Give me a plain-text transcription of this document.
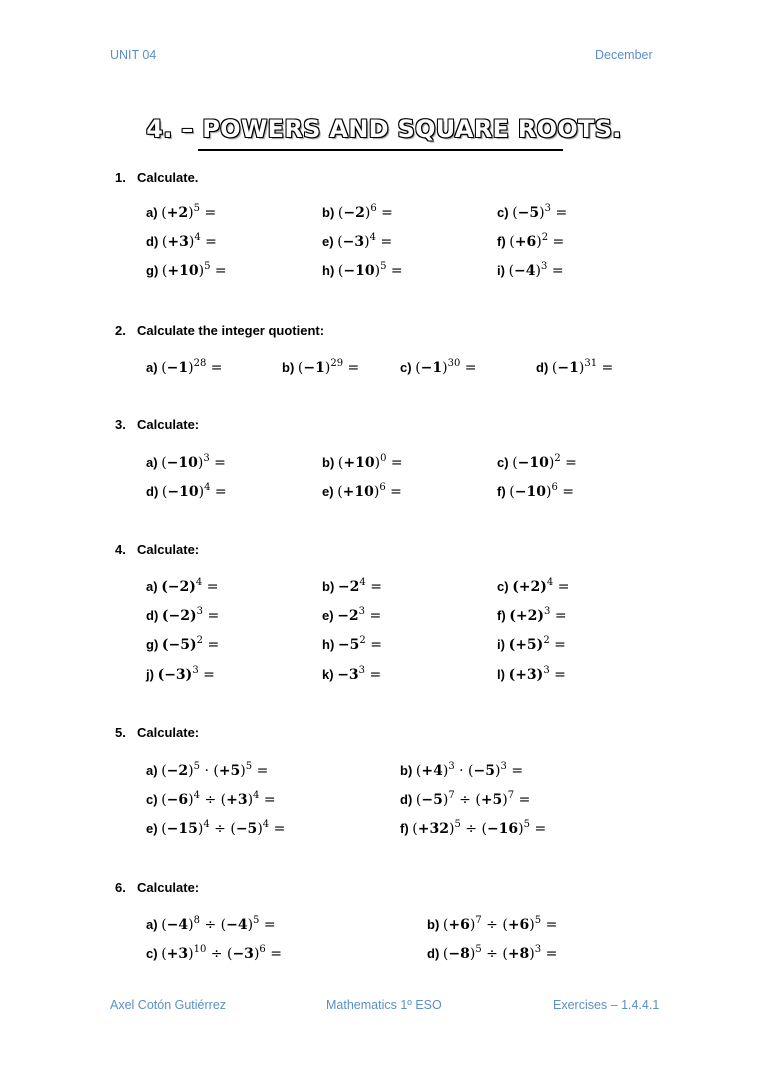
UNIT 04	December
4. – POWERS AND SQUARE ROOTS.
1. Calculate.
a) $(+2)^5$ =	b) $(-2)^6$ =	c) $(-5)^3$ =
d) $(+3)^4$ =	e) $(-3)^4$ =	f) $(+6)^2$ =
g) $(+10)^5$ =	h) $(-10)^5$ =	i) $(-4)^3$ =
2. Calculate the integer quotient:
a) $(-1)^{28}$ =	b) $(-1)^{29}$ =	c) $(-1)^{30}$ =	d) $(-1)^{31}$ =
3. Calculate:
a) $(-10)^3$ =	b) $(+10)^0$ =	c) $(-10)^2$ =
d) $(-10)^4$ =	e) $(+10)^6$ =	f) $(-10)^6$ =
4. Calculate:
a) $(-2)^4$ =	$b) -2^4$ =	c) $(+2)^4$ =
d) $(-2)^3$ =	$e) -2^3$ =	f) $(+2)^3$ =
g) $(-5)^2$ =	$h) -5^2$ =	i) $(+5)^2$ =
j) $(-3)^3$ =	$k) -3^3$ =	l) $(+3)^3$ =
5. Calculate:
a) $(-2)^5 \cdot (+5)^5$ =	b) $(+4)^3 \cdot (-5)^3$ =
c) $(-6)^4 \div (+3)^4$ =	d) $(-5)^7 \div (+5)^7$ =
e) $(-15)^4 \div (-5)^4$ =	f) $(+32)^5 \div (-16)^5$ =
6. Calculate:
a) $(-4)^8 \div (-4)^5$ =	b) $(+6)^7 \div (+6)^5$ =
c) $(+3)^{10} \div (-3)^6$ =	d) $(-8)^5 \div (+8)^3$ =
Axel Cotón Gutiérrez	Mathematics 1º ESO	Exercises – 1.4.4.1
